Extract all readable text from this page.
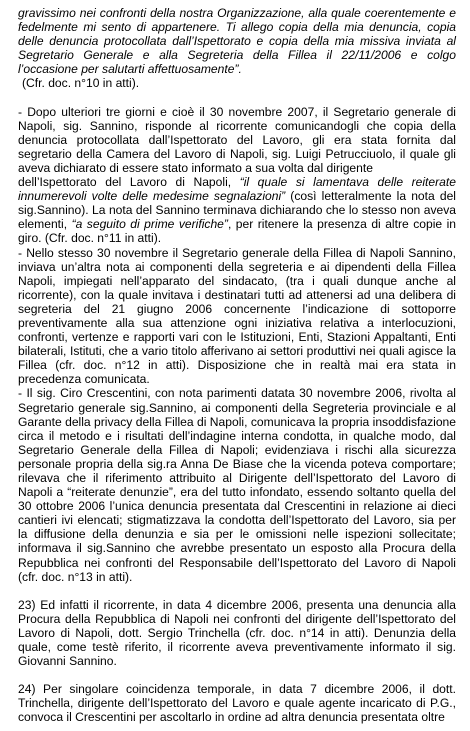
gravissimo nei confronti della nostra Organizzazione, alla quale coerentemente e fedelmente mi sento di appartenere. Ti allego copia della mia denuncia, copia delle denuncia protocollata dall’Ispettorato e copia della mia missiva inviata al Segretario Generale e alla Segreteria della Fillea il 22/11/2006 e colgo l’occasione per salutarti affettuosamente”.

(Cfr. doc. n°10 in atti).

- Dopo ulteriori tre giorni e cioè il 30 novembre 2007, il Segretario generale di Napoli, sig. Sannino, risponde al ricorrente comunicandogli che copia della denuncia protocollata dall’Ispettorato del Lavoro, gli era stata fornita dal segretario della Camera del Lavoro di Napoli, sig. Luigi Petrucciuolo, il quale gli aveva dichiarato di essere stato informato a sua volta dal dirigente

dell’Ispettorato del Lavoro di Napoli, “il quale si lamentava delle reiterate innumerevoli volte delle medesime segnalazioni” (così letteralmente la nota del sig.Sannino). La nota del Sannino terminava dichiarando che lo stesso non aveva elementi, “a seguito di prime verifiche”, per ritenere la presenza di altre copie in giro. (Cfr. doc. n°11 in atti).

- Nello stesso 30 novembre il Segretario generale della Fillea di Napoli Sannino, inviava un’altra nota ai componenti della segreteria e ai dipendenti della Fillea Napoli, impiegati nell’apparato del sindacato, (tra i quali dunque anche al ricorrente), con la quale invitava i destinatari tutti ad attenersi ad una delibera di segreteria del 21 giugno 2006 concernente l’indicazione di sottoporre preventivamente alla sua attenzione ogni iniziativa relativa a interlocuzioni, confronti, vertenze e rapporti vari con le Istituzioni, Enti, Stazioni Appaltanti, Enti bilaterali, Istituti, che a vario titolo afferivano ai settori produttivi nei quali agisce la Fillea (cfr. doc. n°12 in atti). Disposizione che in realtà mai era stata in precedenza comunicata.

- Il sig. Ciro Crescentini, con nota parimenti datata 30 novembre 2006, rivolta al Segretario generale sig.Sannino, ai componenti della Segreteria provinciale e al Garante della privacy della Fillea di Napoli, comunicava la propria insoddisfazione circa il metodo e i risultati dell’indagine interna condotta, in qualche modo, dal Segretario Generale della Fillea di Napoli; evidenziava i rischi alla sicurezza personale propria della sig.ra Anna De Biase che la vicenda poteva comportare; rilevava che il riferimento attribuito al Dirigente dell’Ispettorato del Lavoro di Napoli a “reiterate denunzie”, era del tutto infondato, essendo soltanto quella del 30 ottobre 2006 l’unica denuncia presentata dal Crescentini in relazione ai dieci cantieri ivi elencati; stigmatizzava la condotta dell’Ispettorato del Lavoro, sia per la diffusione della denunzia e sia per le omissioni nelle ispezioni sollecitate; informava il sig.Sannino che avrebbe presentato un esposto alla Procura della Repubblica nei confronti del Responsabile dell’Ispettorato del Lavoro di Napoli (cfr. doc. n°13 in atti).

23) Ed infatti il ricorrente, in data 4 dicembre 2006, presenta una denuncia alla Procura della Repubblica di Napoli nei confronti del dirigente dell’Ispettorato del Lavoro di Napoli, dott. Sergio Trinchella (cfr. doc. n°14 in atti). Denunzia della quale, come testè riferito, il ricorrente aveva preventivamente informato il sig. Giovanni Sannino.

24) Per singolare coincidenza temporale, in data 7 dicembre 2006, il dott. Trinchella, dirigente dell’Ispettorato del Lavoro e quale agente incaricato di P.G., convoca il Crescentini per ascoltarlo in ordine ad altra denuncia presentata oltre
